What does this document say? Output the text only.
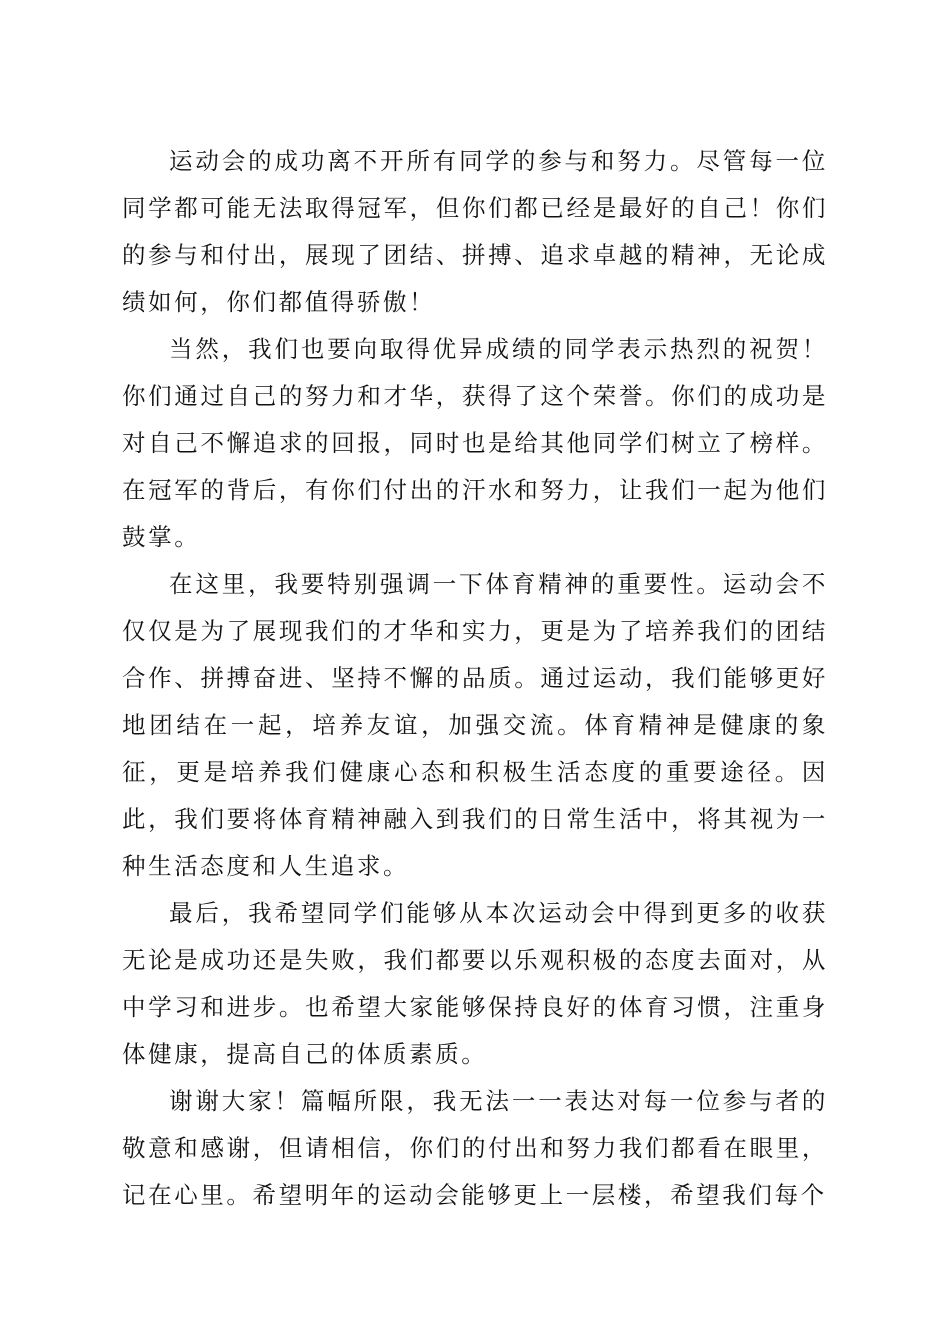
运动会的成功离不开所有同学的参与和努力。尽管每一位同学都可能无法取得冠军，但你们都已经是最好的自己！你们的参与和付出，展现了团结、拼搏、追求卓越的精神，无论成绩如何，你们都值得骄傲！

当然，我们也要向取得优异成绩的同学表示热烈的祝贺！你们通过自己的努力和才华，获得了这个荣誉。你们的成功是对自己不懈追求的回报，同时也是给其他同学们树立了榜样。在冠军的背后，有你们付出的汗水和努力，让我们一起为他们鼓掌。

在这里，我要特别强调一下体育精神的重要性。运动会不仅仅是为了展现我们的才华和实力，更是为了培养我们的团结合作、拼搏奋进、坚持不懈的品质。通过运动，我们能够更好地团结在一起，培养友谊，加强交流。体育精神是健康的象征，更是培养我们健康心态和积极生活态度的重要途径。因此，我们要将体育精神融入到我们的日常生活中，将其视为一种生活态度和人生追求。

最后，我希望同学们能够从本次运动会中得到更多的收获无论是成功还是失败，我们都要以乐观积极的态度去面对，从中学习和进步。也希望大家能够保持良好的体育习惯，注重身体健康，提高自己的体质素质。

谢谢大家！篇幅所限，我无法一一表达对每一位参与者的敬意和感谢，但请相信，你们的付出和努力我们都看在眼里，记在心里。希望明年的运动会能够更上一层楼，希望我们每个
